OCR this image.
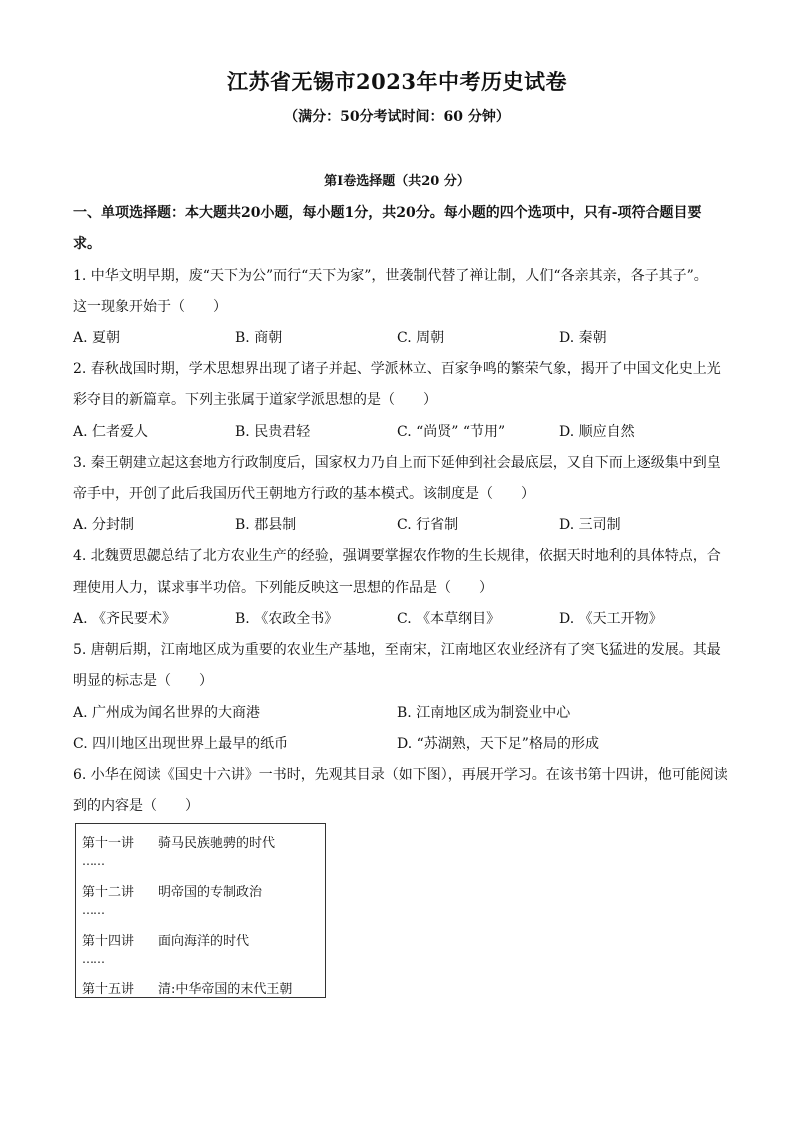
江苏省无锡市2023年中考历史试卷
（满分：50分考试时间：60 分钟）
第I卷选择题（共20 分）
一、单项选择题：本大题共20小题，每小题1分，共20分。每小题的四个选项中，只有-项符合题目要
求。
1. 中华文明早期，废“天下为公”而行“天下为家”，世袭制代替了禅让制，人们“各亲其亲，各子其子”。
这一现象开始于（　　）
A. 夏朝	B. 商朝	C. 周朝	D. 秦朝
2. 春秋战国时期，学术思想界出现了诸子并起、学派林立、百家争鸣的繁荣气象，揭开了中国文化史上光
彩夺目的新篇章。下列主张属于道家学派思想的是（　　）
A. 仁者爱人	B. 民贵君轻	C. “尚贤” “节用”	D. 顺应自然
3. 秦王朝建立起这套地方行政制度后，国家权力乃自上而下延伸到社会最底层，又自下而上逐级集中到皇
帝手中，开创了此后我国历代王朝地方行政的基本模式。该制度是（　　）
A. 分封制	B. 郡县制	C. 行省制	D. 三司制
4. 北魏贾思勰总结了北方农业生产的经验，强调要掌握农作物的生长规律，依据天时地利的具体特点，合
理使用人力，谋求事半功倍。下列能反映这一思想的作品是（　　）
A. 《齐民要术》	B. 《农政全书》	C. 《本草纲目》	D. 《天工开物》
5. 唐朝后期，江南地区成为重要的农业生产基地，至南宋，江南地区农业经济有了突飞猛进的发展。其最
明显的标志是（　　）
A. 广州成为闻名世界的大商港	B. 江南地区成为制瓷业中心
C. 四川地区出现世界上最早的纸币	D. “苏湖熟，天下足”格局的形成
6. 小华在阅读《国史十六讲》一书时，先观其目录（如下图），再展开学习。在该书第十四讲，他可能阅读
到的内容是（　　）
第十一讲 骑马民族驰骋的时代
……
第十二讲 明帝国的专制政治
……
第十四讲 面向海洋的时代
……
第十五讲 清:中华帝国的末代王朝
